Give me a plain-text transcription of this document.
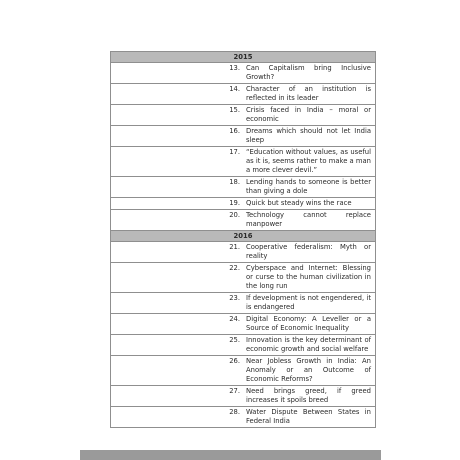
2015	
13.	Can Capitalism bring Inclusive Growth?
14.	Character of an institution is reflected in its leader
15.	Crisis faced in India – moral or economic
16.	Dreams which should not let India sleep
17.	“Education without values, as useful as it is, seems rather to make a man a more clever devil.”
18.	Lending hands to someone is better than giving a dole
19.	Quick but steady wins the race
20.	Technology cannot replace manpower
2016	
21.	Cooperative federalism: Myth or reality
22.	Cyberspace and Internet: Blessing or curse to the human civilization in the long run
23.	If development is not engendered, it is endangered
24.	Digital Economy: A Leveller or a Source of Economic Inequality
25.	Innovation is the key determinant of economic growth and social welfare
26.	Near Jobless Growth in India: An Anomaly or an Outcome of Economic Reforms?
27.	Need brings greed, if greed increases it spoils breed
28.	Water Dispute Between States in Federal India
